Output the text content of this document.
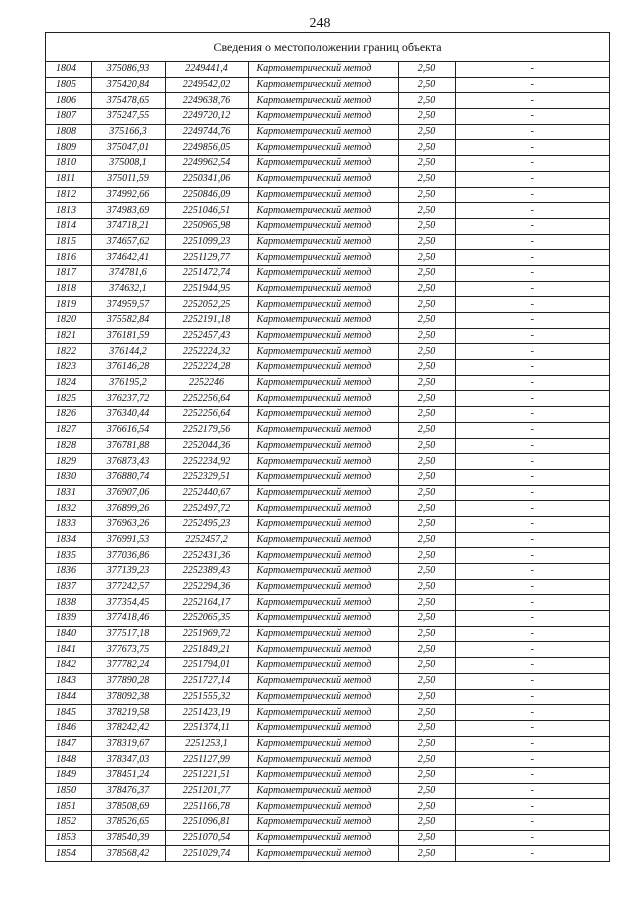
248
Сведения о местоположении границ объекта
1804	375086,93	2249441,4	Картометрический метод	2,50	-
1805	375420,84	2249542,02	Картометрический метод	2,50	-
1806	375478,65	2249638,76	Картометрический метод	2,50	-
1807	375247,55	2249720,12	Картометрический метод	2,50	-
1808	375166,3	2249744,76	Картометрический метод	2,50	-
1809	375047,01	2249856,05	Картометрический метод	2,50	-
1810	375008,1	2249962,54	Картометрический метод	2,50	-
1811	375011,59	2250341,06	Картометрический метод	2,50	-
1812	374992,66	2250846,09	Картометрический метод	2,50	-
1813	374983,69	2251046,51	Картометрический метод	2,50	-
1814	374718,21	2250965,98	Картометрический метод	2,50	-
1815	374657,62	2251099,23	Картометрический метод	2,50	-
1816	374642,41	2251129,77	Картометрический метод	2,50	-
1817	374781,6	2251472,74	Картометрический метод	2,50	-
1818	374632,1	2251944,95	Картометрический метод	2,50	-
1819	374959,57	2252052,25	Картометрический метод	2,50	-
1820	375582,84	2252191,18	Картометрический метод	2,50	-
1821	376181,59	2252457,43	Картометрический метод	2,50	-
1822	376144,2	2252224,32	Картометрический метод	2,50	-
1823	376146,28	2252224,28	Картометрический метод	2,50	-
1824	376195,2	2252246	Картометрический метод	2,50	-
1825	376237,72	2252256,64	Картометрический метод	2,50	-
1826	376340,44	2252256,64	Картометрический метод	2,50	-
1827	376616,54	2252179,56	Картометрический метод	2,50	-
1828	376781,88	2252044,36	Картометрический метод	2,50	-
1829	376873,43	2252234,92	Картометрический метод	2,50	-
1830	376880,74	2252329,51	Картометрический метод	2,50	-
1831	376907,06	2252440,67	Картометрический метод	2,50	-
1832	376899,26	2252497,72	Картометрический метод	2,50	-
1833	376963,26	2252495,23	Картометрический метод	2,50	-
1834	376991,53	2252457,2	Картометрический метод	2,50	-
1835	377036,86	2252431,36	Картометрический метод	2,50	-
1836	377139,23	2252389,43	Картометрический метод	2,50	-
1837	377242,57	2252294,36	Картометрический метод	2,50	-
1838	377354,45	2252164,17	Картометрический метод	2,50	-
1839	377418,46	2252065,35	Картометрический метод	2,50	-
1840	377517,18	2251969,72	Картометрический метод	2,50	-
1841	377673,75	2251849,21	Картометрический метод	2,50	-
1842	377782,24	2251794,01	Картометрический метод	2,50	-
1843	377890,28	2251727,14	Картометрический метод	2,50	-
1844	378092,38	2251555,32	Картометрический метод	2,50	-
1845	378219,58	2251423,19	Картометрический метод	2,50	-
1846	378242,42	2251374,11	Картометрический метод	2,50	-
1847	378319,67	2251253,1	Картометрический метод	2,50	-
1848	378347,03	2251127,99	Картометрический метод	2,50	-
1849	378451,24	2251221,51	Картометрический метод	2,50	-
1850	378476,37	2251201,77	Картометрический метод	2,50	-
1851	378508,69	2251166,78	Картометрический метод	2,50	-
1852	378526,65	2251096,81	Картометрический метод	2,50	-
1853	378540,39	2251070,54	Картометрический метод	2,50	-
1854	378568,42	2251029,74	Картометрический метод	2,50	-
